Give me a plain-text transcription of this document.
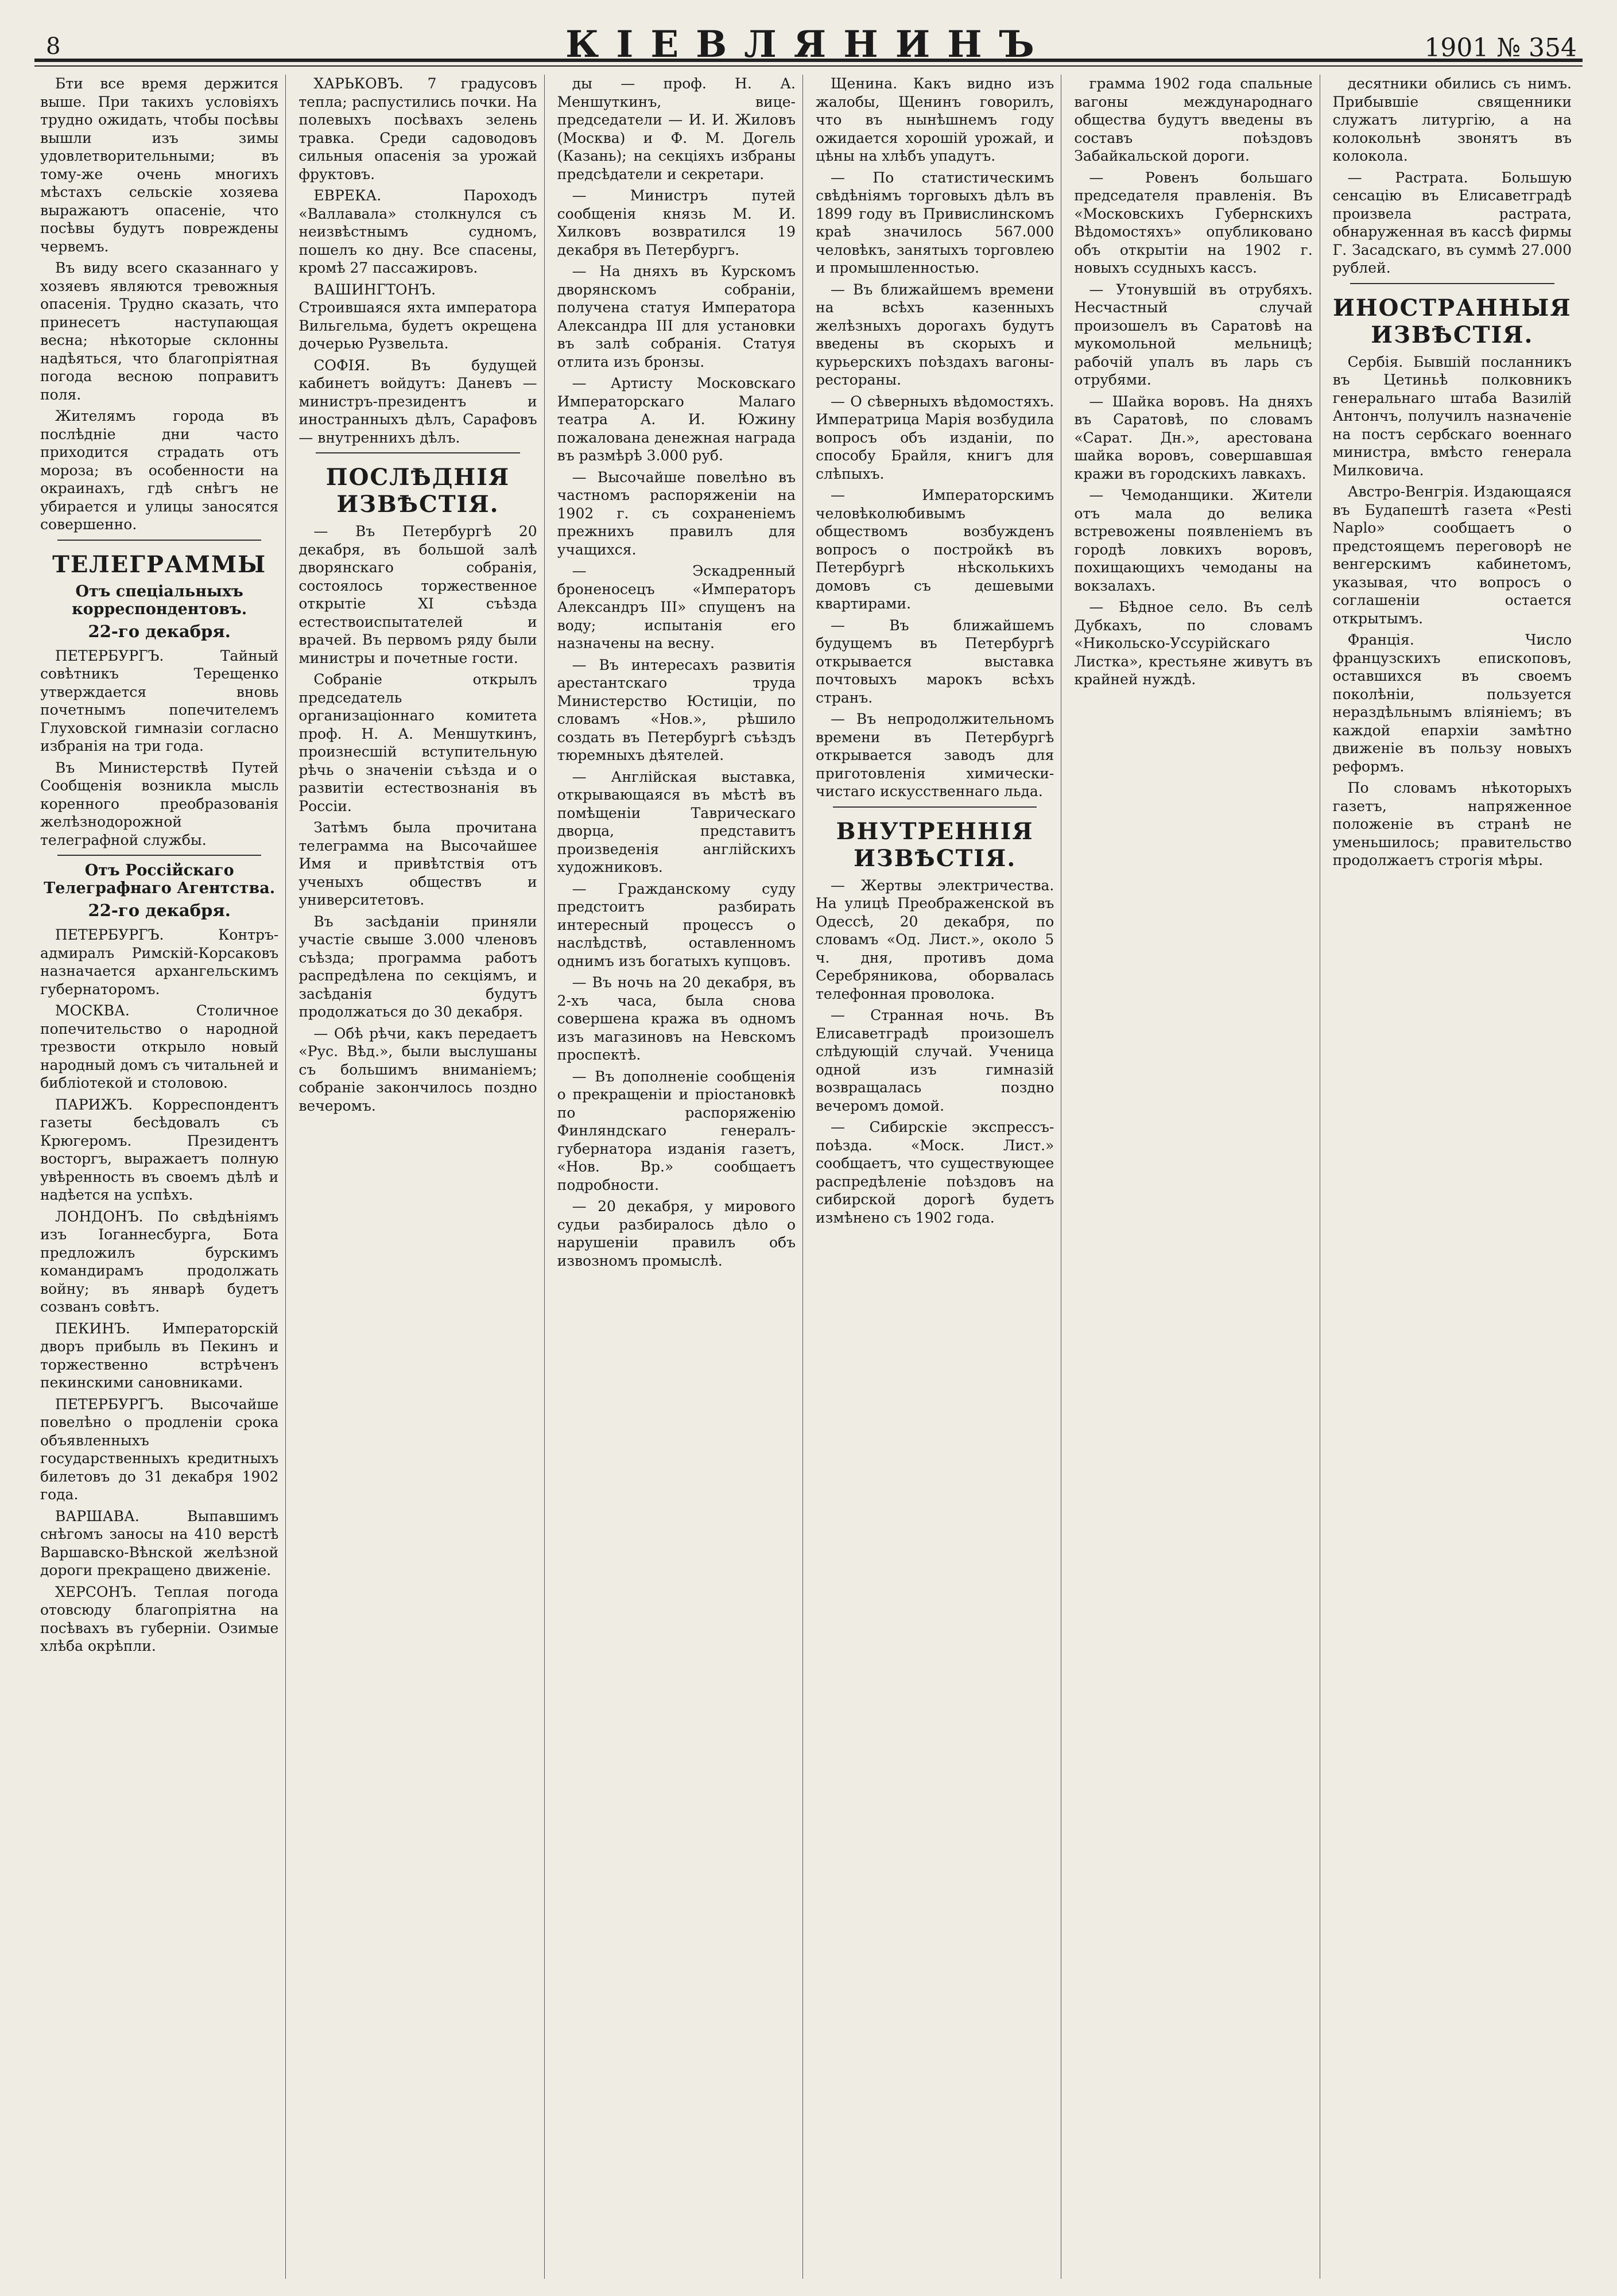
8	КIЕВЛЯНИНЪ	1901 № 354

Бти все время держится выше. При такихъ условіяхъ трудно ожидать, чтобы посѣвы вышли изъ зимы удовлетворительными; въ тому-же очень многихъ мѣстахъ сельскіе хозяева выражаютъ опасеніе, что посѣвы будутъ повреждены червемъ.

Въ виду всего сказаннаго у хозяевъ являются тревожныя опасенія. Трудно сказать, что принесетъ наступающая весна; нѣкоторые склонны надѣяться, что благопріятная погода весною поправитъ поля.

Жителямъ города въ послѣдніе дни часто приходится страдать отъ мороза; въ особенности на окраинахъ, гдѣ снѣгъ не убирается и улицы заносятся совершенно.

ТЕЛЕГРАММЫ
Отъ спеціальныхъ корреспондентовъ.
22-го декабря.

ПЕТЕРБУРГЪ. Тайный совѣтникъ Терещенко утверждается вновь почетнымъ попечителемъ Глуховской гимназіи согласно избранія на три года.

Въ Министерствѣ Путей Сообщенія возникла мысль коренного преобразованія желѣзнодорожной телеграфной службы.

Отъ Россійскаго Телеграфнаго Агентства.
22-го декабря.

ПЕТЕРБУРГЪ. Контръ-адмиралъ Римскій-Корсаковъ назначается архангельскимъ губернаторомъ.

МОСКВА. Столичное попечительство о народной трезвости открыло новый народный домъ съ читальней и библіотекой и столовою.

ПАРИЖЪ. Корреспондентъ газеты бесѣдовалъ съ Крюгеромъ. Президентъ восторгъ, выражаетъ полную увѣренность въ своемъ дѣлѣ и надѣется на успѣхъ.

ЛОНДОНЪ. По свѣдѣніямъ изъ Іоганнесбурга, Бота предложилъ бурскимъ командирамъ продолжать войну; въ январѣ будетъ созванъ совѣтъ.

ПЕКИНЪ. Императорскій дворъ прибыль въ Пекинъ и торжественно встрѣченъ пекинскими сановниками.

ПЕТЕРБУРГЪ. Высочайше повелѣно о продленіи срока объявленныхъ государственныхъ кредитныхъ билетовъ до 31 декабря 1902 года.

ВАРШАВА. Выпавшимъ снѣгомъ заносы на 410 верстѣ Варшавско-Вѣнской желѣзной дороги прекращено движеніе.

ХЕРСОНЪ. Теплая погода отовсюду благопріятна на посѣвахъ въ губерніи. Озимые хлѣба окрѣпли.

ХАРЬКОВЪ. 7 градусовъ тепла; распустились почки. На полевыхъ посѣвахъ зелень травка. Среди садоводовъ сильныя опасенія за урожай фруктовъ.

ЕВРЕКА. Пароходъ «Валлавала» столкнулся съ неизвѣстнымъ судномъ, пошелъ ко дну. Все спасены, кромѣ 27 пассажировъ.

ВАШИНГТОНЪ. Строившаяся яхта императора Вильгельма, будетъ окрещена дочерью Рузвельта.

СОФІЯ. Въ будущей кабинетъ войдутъ: Даневъ — министръ-президентъ и иностранныхъ дѣлъ, Сарафовъ — внутреннихъ дѣлъ.

ПОСЛѢДНІЯ ИЗВѢСТІЯ.

— Въ Петербургѣ 20 декабря, въ большой залѣ дворянскаго собранія, состоялось торжественное открытіе XI съѣзда естествоиспытателей и врачей. Въ первомъ ряду были министры и почетные гости.

Собраніе открылъ председатель организаціоннаго комитета проф. Н. А. Меншуткинъ, произнесшій вступительную рѣчь о значеніи съѣзда и о развитіи естествознанія въ Россіи.

Затѣмъ была прочитана телеграмма на Высочайшее Имя и привѣтствія отъ ученыхъ обществъ и университетовъ.

Въ засѣданіи приняли участіе свыше 3.000 членовъ съѣзда; программа работъ распредѣлена по секціямъ, и засѣданія будутъ продолжаться до 30 декабря.

— Обѣ рѣчи, какъ передаетъ «Рус. Вѣд.», были выслушаны съ большимъ вниманіемъ; собраніе закончилось поздно вечеромъ.

ды — проф. Н. А. Меншуткинъ, вице-председатели — И. И. Жиловъ (Москва) и Ф. М. Догель (Казань); на секціяхъ избраны предсѣдатели и секретари.

— Министръ путей сообщенія князь М. И. Хилковъ возвратился 19 декабря въ Петербургъ.

— На дняхъ въ Курскомъ дворянскомъ собраніи, получена статуя Императора Александра III для установки въ залѣ собранія. Статуя отлита изъ бронзы.

— Артисту Московскаго Императорскаго Малаго театра А. И. Южину пожалована денежная награда въ размѣрѣ 3.000 руб.

— Высочайше повелѣно въ частномъ распоряженіи на 1902 г. съ сохраненіемъ прежнихъ правилъ для учащихся.

— Эскадренный броненосецъ «Императоръ Александръ III» спущенъ на воду; испытанія его назначены на весну.

— Въ интересахъ развитія арестантскаго труда Министерство Юстиціи, по словамъ «Нов.», рѣшило создать въ Петербургѣ съѣздъ тюремныхъ дѣятелей.

— Англійская выставка, открывающаяся въ мѣстѣ въ помѣщеніи Таврическаго дворца, представитъ произведенія англійскихъ художниковъ.

— Гражданскому суду предстоитъ разбирать интересный процессъ о наслѣдствѣ, оставленномъ однимъ изъ богатыхъ купцовъ.

— Въ ночь на 20 декабря, въ 2-хъ часа, была снова совершена кража въ одномъ изъ магазиновъ на Невскомъ проспектѣ.

— Въ дополненіе сообщенія о прекращеніи и пріостановкѣ по распоряженію Финляндскаго генералъ-губернатора изданія газетъ, «Нов. Вр.» сообщаетъ подробности.

— 20 декабря, у мирового судьи разбиралось дѣло о нарушеніи правилъ объ извозномъ промыслѣ.

Щенина. Какъ видно изъ жалобы, Щенинъ говорилъ, что въ нынѣшнемъ году ожидается хорошій урожай, и цѣны на хлѣбъ упадутъ.

— По статистическимъ свѣдѣніямъ торговыхъ дѣлъ въ 1899 году въ Привислинскомъ краѣ значилось 567.000 человѣкъ, занятыхъ торговлею и промышленностью.

— Въ ближайшемъ времени на всѣхъ казенныхъ желѣзныхъ дорогахъ будутъ введены въ скорыхъ и курьерскихъ поѣздахъ вагоны-рестораны.

— О сѣверныхъ вѣдомостяхъ. Императрица Марія возбудила вопросъ объ изданіи, по способу Брайля, книгъ для слѣпыхъ.

— Императорскимъ человѣколюбивымъ обществомъ возбужденъ вопросъ о постройкѣ въ Петербургѣ нѣсколькихъ домовъ съ дешевыми квартирами.

— Въ ближайшемъ будущемъ въ Петербургѣ открывается выставка почтовыхъ марокъ всѣхъ странъ.

— Въ непродолжительномъ времени въ Петербургѣ открывается заводъ для приготовленія химически-чистаго искусственнаго льда.

ВНУТРЕННІЯ ИЗВѢСТІЯ.

— Жертвы электричества. На улицѣ Преображенской въ Одессѣ, 20 декабря, по словамъ «Од. Лист.», около 5 ч. дня, противъ дома Серебряникова, оборвалась телефонная проволока.

— Странная ночь. Въ Елисаветградѣ произошелъ слѣдующій случай. Ученица одной изъ гимназій возвращалась поздно вечеромъ домой.

— Сибирскіе экспрессъ-поѣзда. «Моск. Лист.» сообщаетъ, что существующее распредѣленіе поѣздовъ на сибирской дорогѣ будетъ измѣнено съ 1902 года.

грамма 1902 года спальные вагоны международнаго общества будутъ введены въ составъ поѣздовъ Забайкальской дороги.

— Ровенъ большаго председателя правленія. Въ «Московскихъ Губернскихъ Вѣдомостяхъ» опубликовано объ открытіи на 1902 г. новыхъ ссудныхъ кассъ.

— Утонувшій въ отрубяхъ. Несчастный случай произошелъ въ Саратовѣ на мукомольной мельницѣ; рабочій упалъ въ ларь съ отрубями.

— Шайка воровъ. На дняхъ въ Саратовѣ, по словамъ «Сарат. Дн.», арестована шайка воровъ, совершавшая кражи въ городскихъ лавкахъ.

— Чемоданщики. Жители отъ мала до велика встревожены появленіемъ въ городѣ ловкихъ воровъ, похищающихъ чемоданы на вокзалахъ.

— Бѣдное село. Въ селѣ Дубкахъ, по словамъ «Никольско-Уссурійскаго Листка», крестьяне живутъ въ крайней нуждѣ.

десятники обились съ нимъ. Прибывшіе священники служатъ литургію, а на колокольнѣ звонятъ въ колокола.

— Растрата. Большую сенсацію въ Елисаветградѣ произвела растрата, обнаруженная въ кассѣ фирмы Г. Засадскаго, въ суммѣ 27.000 рублей.

ИНОСТРАННЫЯ ИЗВѢСТІЯ.

Сербія. Бывшій посланникъ въ Цетиньѣ полковникъ генеральнаго штаба Вазилій Антончъ, получилъ назначеніе на постъ сербскаго военнаго министра, вмѣсто генерала Милковича.

Австро-Венгрія. Издающаяся въ Будапештѣ газета «Pesti Naplo» сообщаетъ о предстоящемъ переговорѣ не венгерскимъ кабинетомъ, указывая, что вопросъ о соглашеніи остается открытымъ.

Франція. Число французскихъ епископовъ, оставшихся въ своемъ поколѣніи, пользуется нераздѣльнымъ вліяніемъ; въ каждой епархіи замѣтно движеніе въ пользу новыхъ реформъ.

По словамъ нѣкоторыхъ газетъ, напряженное положеніе въ странѣ не уменьшилось; правительство продолжаетъ строгія мѣры.
